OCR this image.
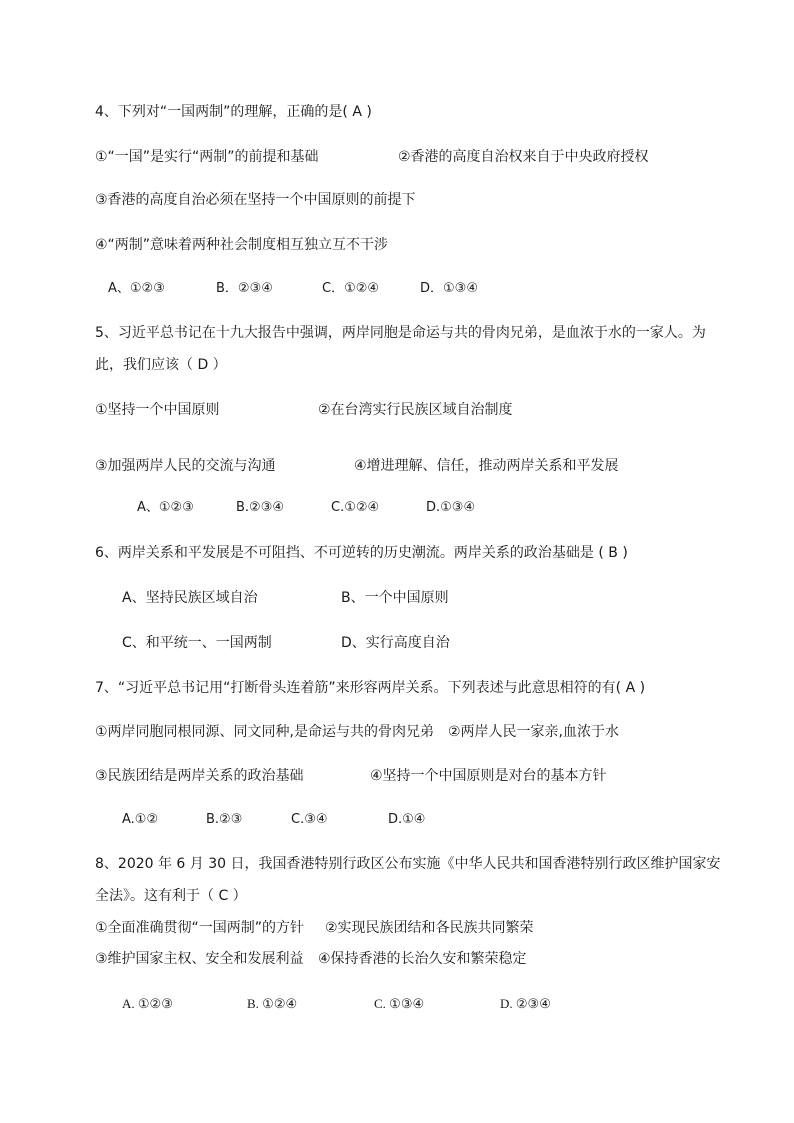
4、下列对“一国两制”的理解，正确的是( A )
①“一国”是实行“两制”的前提和基础	②香港的高度自治权来自于中央政府授权
③香港的高度自治必须在坚持一个中国原则的前提下
④“两制”意味着两种社会制度相互独立互不干涉
A、①②③	B．②③④	C．①②④	D．①③④
5、习近平总书记在十九大报告中强调，两岸同胞是命运与共的骨肉兄弟，是血浓于水的一家人。为
此，我们应该（ D ）
①坚持一个中国原则	②在台湾实行民族区域自治制度
③加强两岸人民的交流与沟通	④增进理解、信任，推动两岸关系和平发展
A、①②③	B.②③④	C.①②④	D.①③④
6、两岸关系和平发展是不可阻挡、不可逆转的历史潮流。两岸关系的政治基础是 ( B )
A、坚持民族区域自治	B、一个中国原则
C、和平统一、一国两制	D、实行高度自治
7、“习近平总书记用“打断骨头连着筋”来形容两岸关系。下列表述与此意思相符的有( A )
①两岸同胞同根同源、同文同种,是命运与共的骨肉兄弟 ②两岸人民一家亲,血浓于水
③民族团结是两岸关系的政治基础	④坚持一个中国原则是对台的基本方针
A.①②	B.②③	C.③④	D.①④
8、2020 年 6 月 30 日，我国香港特别行政区公布实施《中华人民共和国香港特别行政区维护国家安
全法》。这有利于（ C ）
①全面准确贯彻“一国两制”的方针 ②实现民族团结和各民族共同繁荣
③维护国家主权、安全和发展利益 ④保持香港的长治久安和繁荣稳定
A. ①②③	B. ①②④	C. ①③④	D. ②③④
